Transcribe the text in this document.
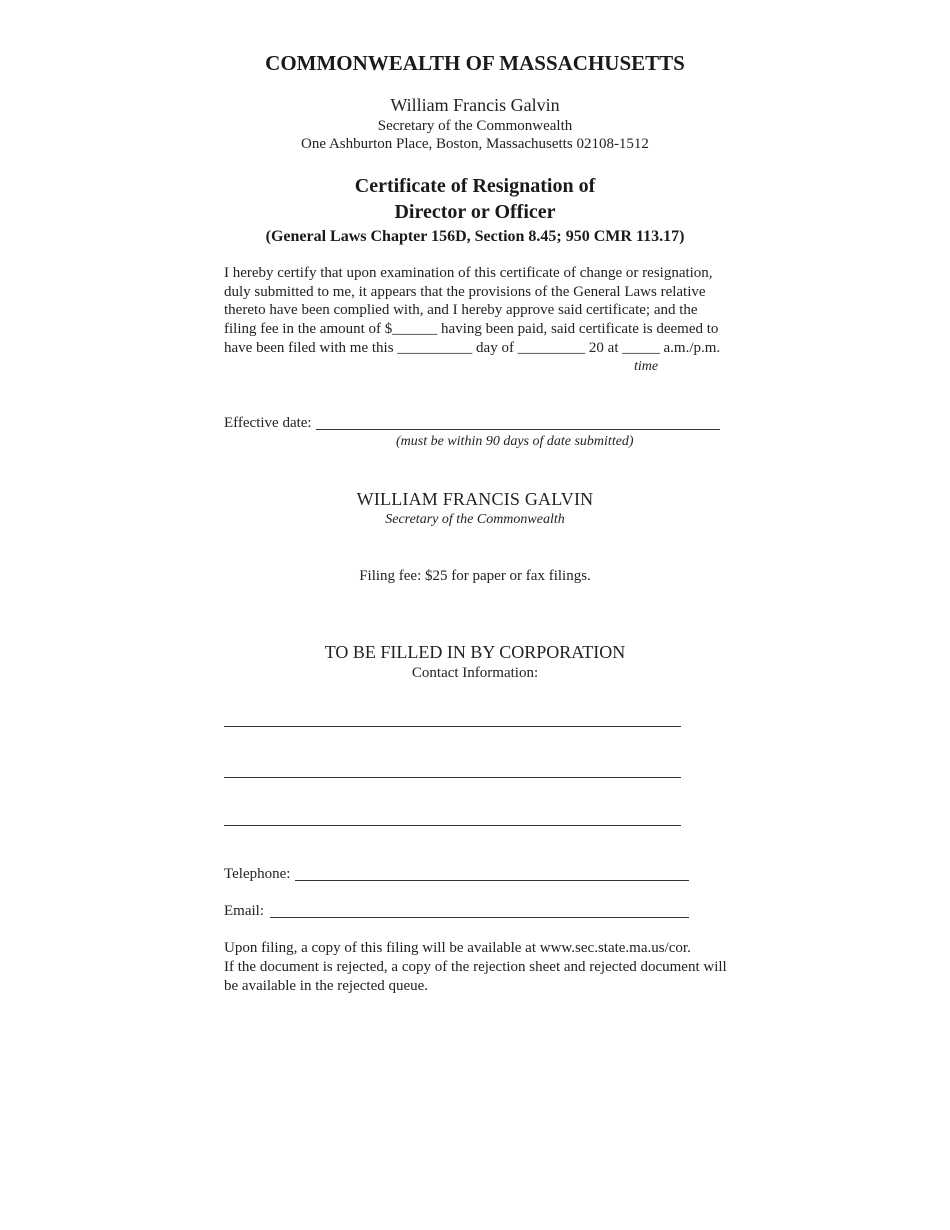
COMMONWEALTH OF MASSACHUSETTS
William Francis Galvin
Secretary of the Commonwealth
One Ashburton Place, Boston, Massachusetts 02108-1512
Certificate of Resignation of
Director or Officer
(General Laws Chapter 156D, Section 8.45; 950 CMR 113.17)
I hereby certify that upon examination of this certificate of change or resignation,
duly submitted to me, it appears that the provisions of the General Laws relative
thereto have been complied with, and I hereby approve said certificate; and the
filing fee in the amount of $______ having been paid, said certificate is deemed to
have been filed with me this __________ day of _________ 20 at _____ a.m./p.m.
time
Effective date:
(must be within 90 days of date submitted)
WILLIAM FRANCIS GALVIN
Secretary of the Commonwealth
Filing fee: $25 for paper or fax filings.
TO BE FILLED IN BY CORPORATION
Contact Information:
Telephone:
Email:
Upon filing, a copy of this filing will be available at www.sec.state.ma.us/cor.
If the document is rejected, a copy of the rejection sheet and rejected document will
be available in the rejected queue.
